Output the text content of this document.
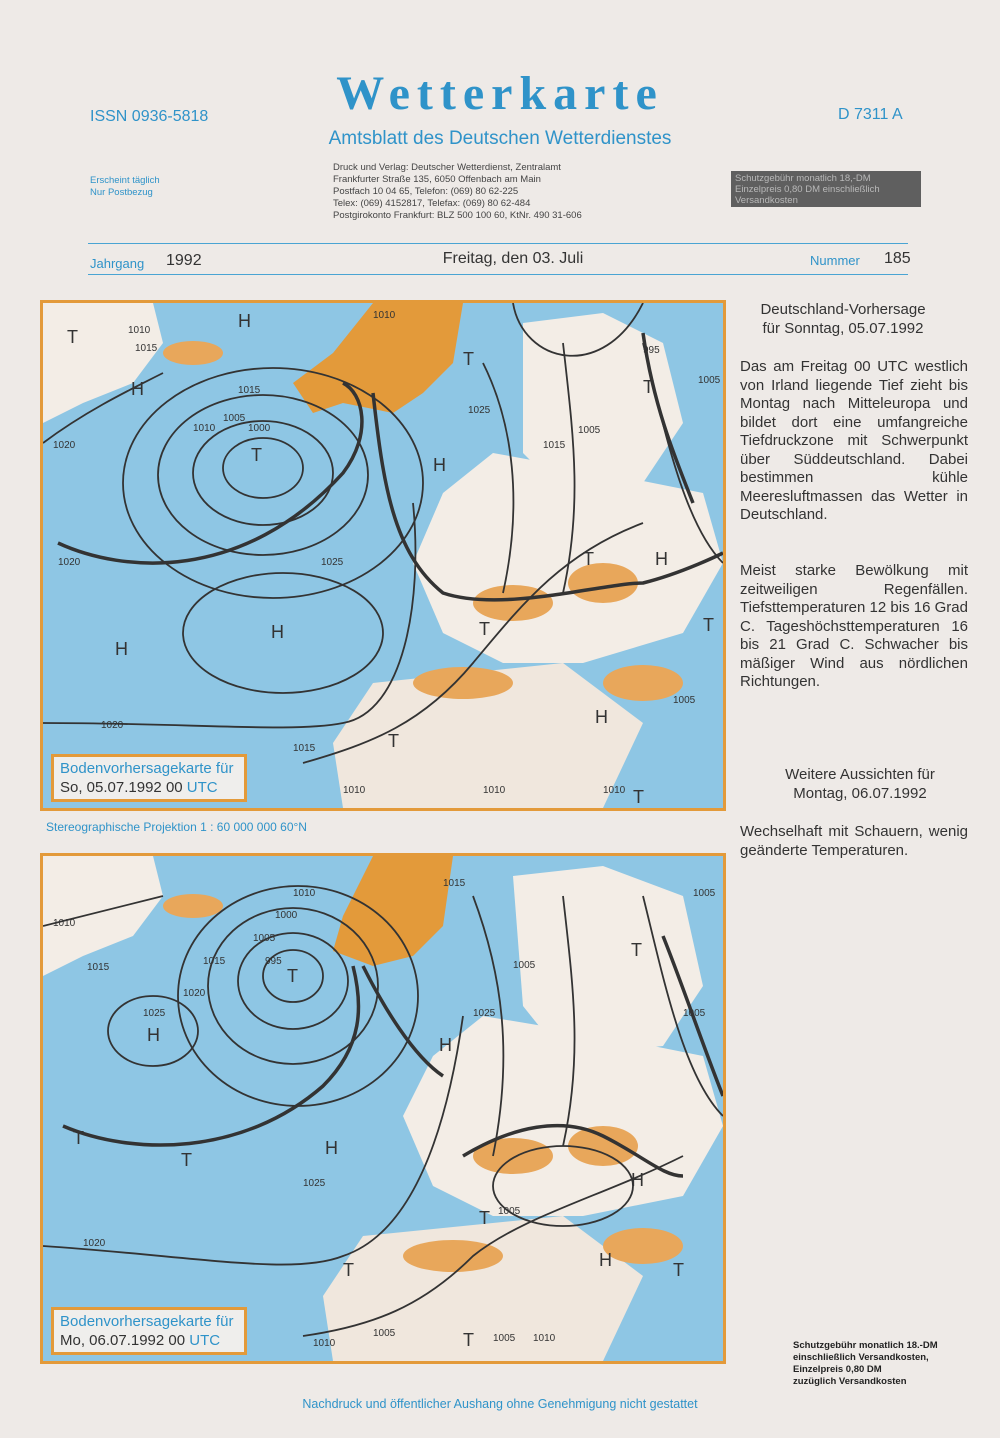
ISSN 0936-5818	Wetterkarte
Amtsblatt des Deutschen Wetterdienstes
D 7311 A
Erscheint täglich
Nur Postbezug
Druck und Verlag: Deutscher Wetterdienst, Zentralamt
Frankfurter Straße 135, 6050 Offenbach am Main
Postfach 10 04 65, Telefon: (069) 80 62-225
Telex: (069) 4152817, Telefax: (069) 80 62-484
Postgirokonto Frankfurt: BLZ 500 100 60, KtNr. 490 31-606
Schutzgebühr monatlich 18,-DM
Einzelpreis 0,80 DM einschließlich
Versandkosten
Jahrgang 1992	Freitag, den 03. Juli	Nummer 185
H
H
H
H
H
H
T
T
T
T
T
T
T
H
T	T
1010
1015
1020
1000
1005
1010
1025
1020	1025
1020
1015
1010	1010
1015
1005
995
1005
1005
1015
1010
1010
Bodenvorhersagekarte für
So, 05.07.1992 00 UTC
Stereographische Projektion 1 : 60 000 000 60°N
H	H
H
H
H
T
T
T
T
T
T	T
T
1010
1015
1005
1000
995
1010
1015
1020
1025
1015
1005
1025
1025
1020
1010
1005
1005
1005 1010
1005
1005
Bodenvorhersagekarte für
Mo, 06.07.1992 00 UTC
Deutschland-Vorhersage
für Sonntag, 05.07.1992
Das am Freitag 00 UTC westlich von Irland liegende Tief zieht bis Montag nach Mitteleuropa und bildet dort eine umfangreiche Tiefdruckzone mit Schwerpunkt über Süddeutschland. Dabei bestimmen kühle Meeresluftmassen das Wetter in Deutschland.
Meist starke Bewölkung mit zeitweiligen Regenfällen. Tiefsttemperaturen 12 bis 16 Grad C. Tageshöchsttemperaturen 16 bis 21 Grad C. Schwacher bis mäßiger Wind aus nördlichen Richtungen.
Weitere Aussichten für
Montag, 06.07.1992
Wechselhaft mit Schauern, wenig geänderte Temperaturen.
Schutzgebühr monatlich 18.-DM
einschließlich Versandkosten,
Einzelpreis 0,80 DM
zuzüglich Versandkosten
Nachdruck und öffentlicher Aushang ohne Genehmigung nicht gestattet
